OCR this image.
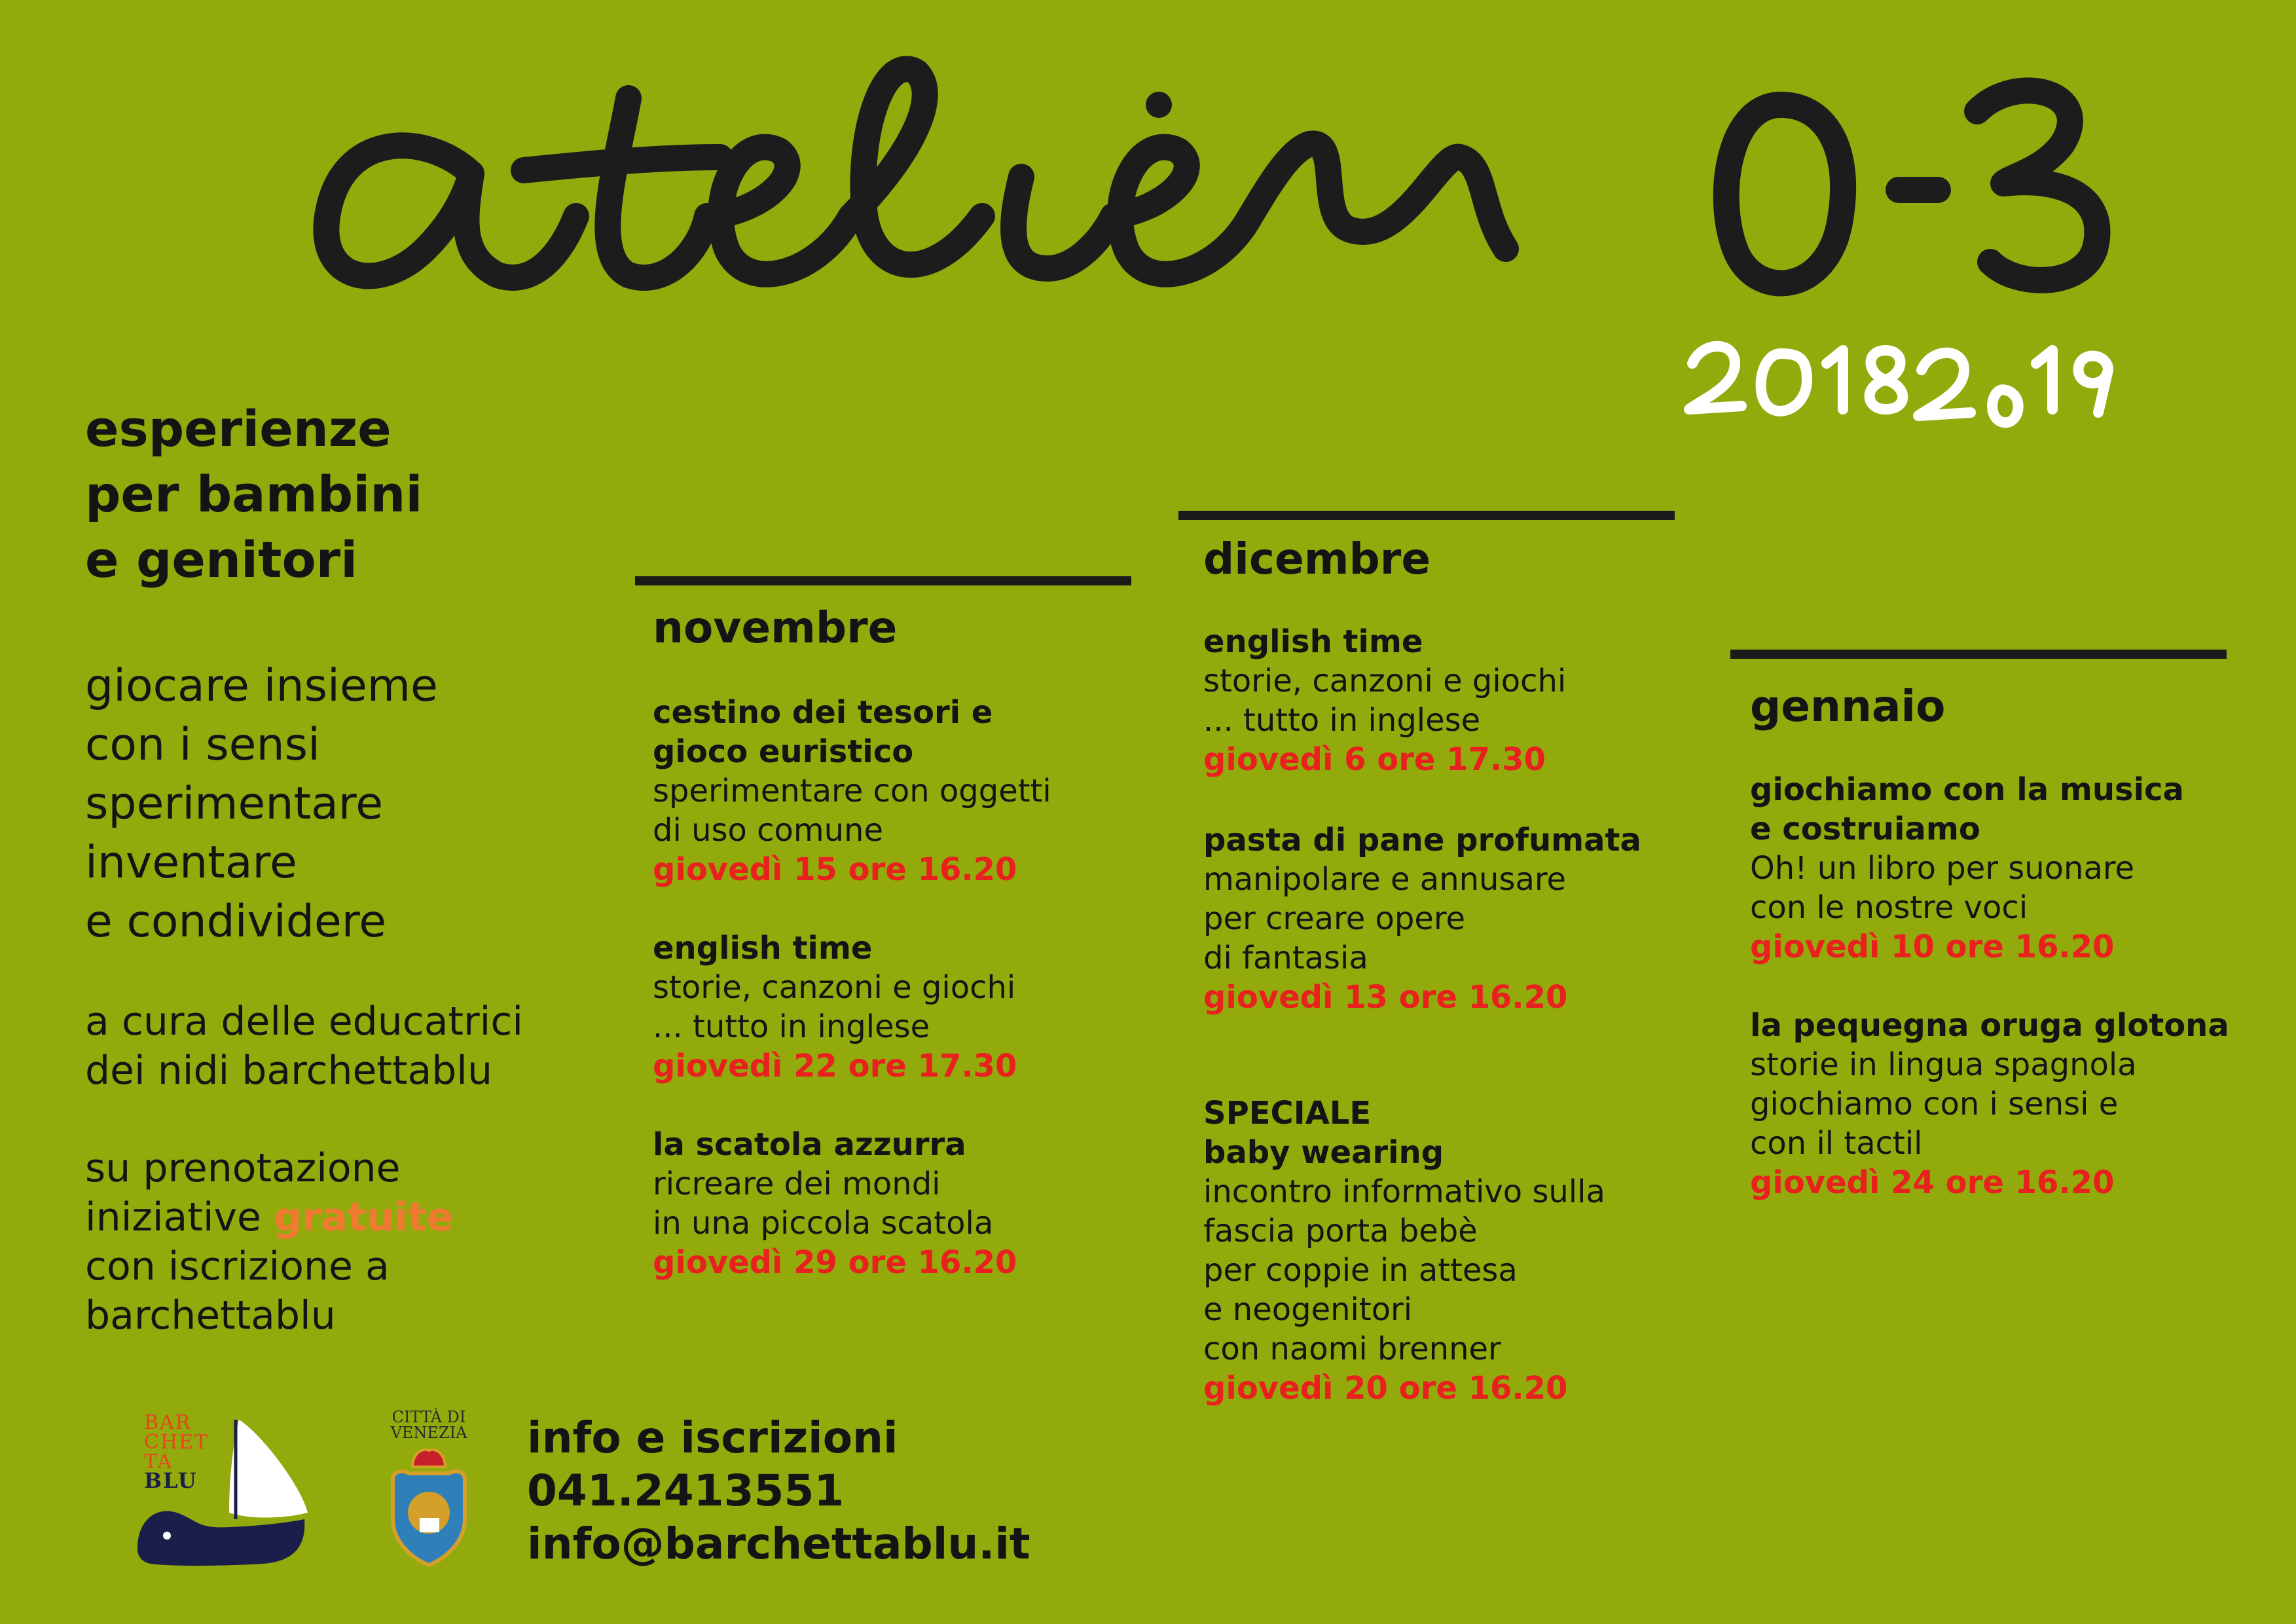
esperienze
per bambini
e genitori
giocare insieme
con i sensi
sperimentare
inventare
e condividere
a cura delle educatrici
dei nidi barchettablu
su prenotazione
iniziative gratuite
con iscrizione a
barchettablu
novembre
dicembre
gennaio
cestino dei tesori e
gioco euristico
sperimentare con oggetti
di uso comune
giovedì 15 ore 16.20
english time
storie, canzoni e giochi
... tutto in inglese
giovedì 22 ore 17.30
la scatola azzurra
ricreare dei mondi
in una piccola scatola
giovedì 29 ore 16.20
english time
storie, canzoni e giochi
... tutto in inglese
giovedì 6 ore 17.30
pasta di pane profumata
manipolare e annusare
per creare opere
di fantasia
giovedì 13 ore 16.20
SPECIALE
baby wearing
incontro informativo sulla
fascia porta bebè
per coppie in attesa
e neogenitori
con naomi brenner
giovedì 20 ore 16.20
giochiamo con la musica
e costruiamo
Oh! un libro per suonare
con le nostre voci
giovedì 10 ore 16.20
la pequegna oruga glotona
storie in lingua spagnola
giochiamo con i sensi e
con il tactil
giovedì 24 ore 16.20
BAR
CHET
TA
BLU
CITTÀ DI
VENEZIA info e iscrizioni
041.2413551
info@barchettablu.it
